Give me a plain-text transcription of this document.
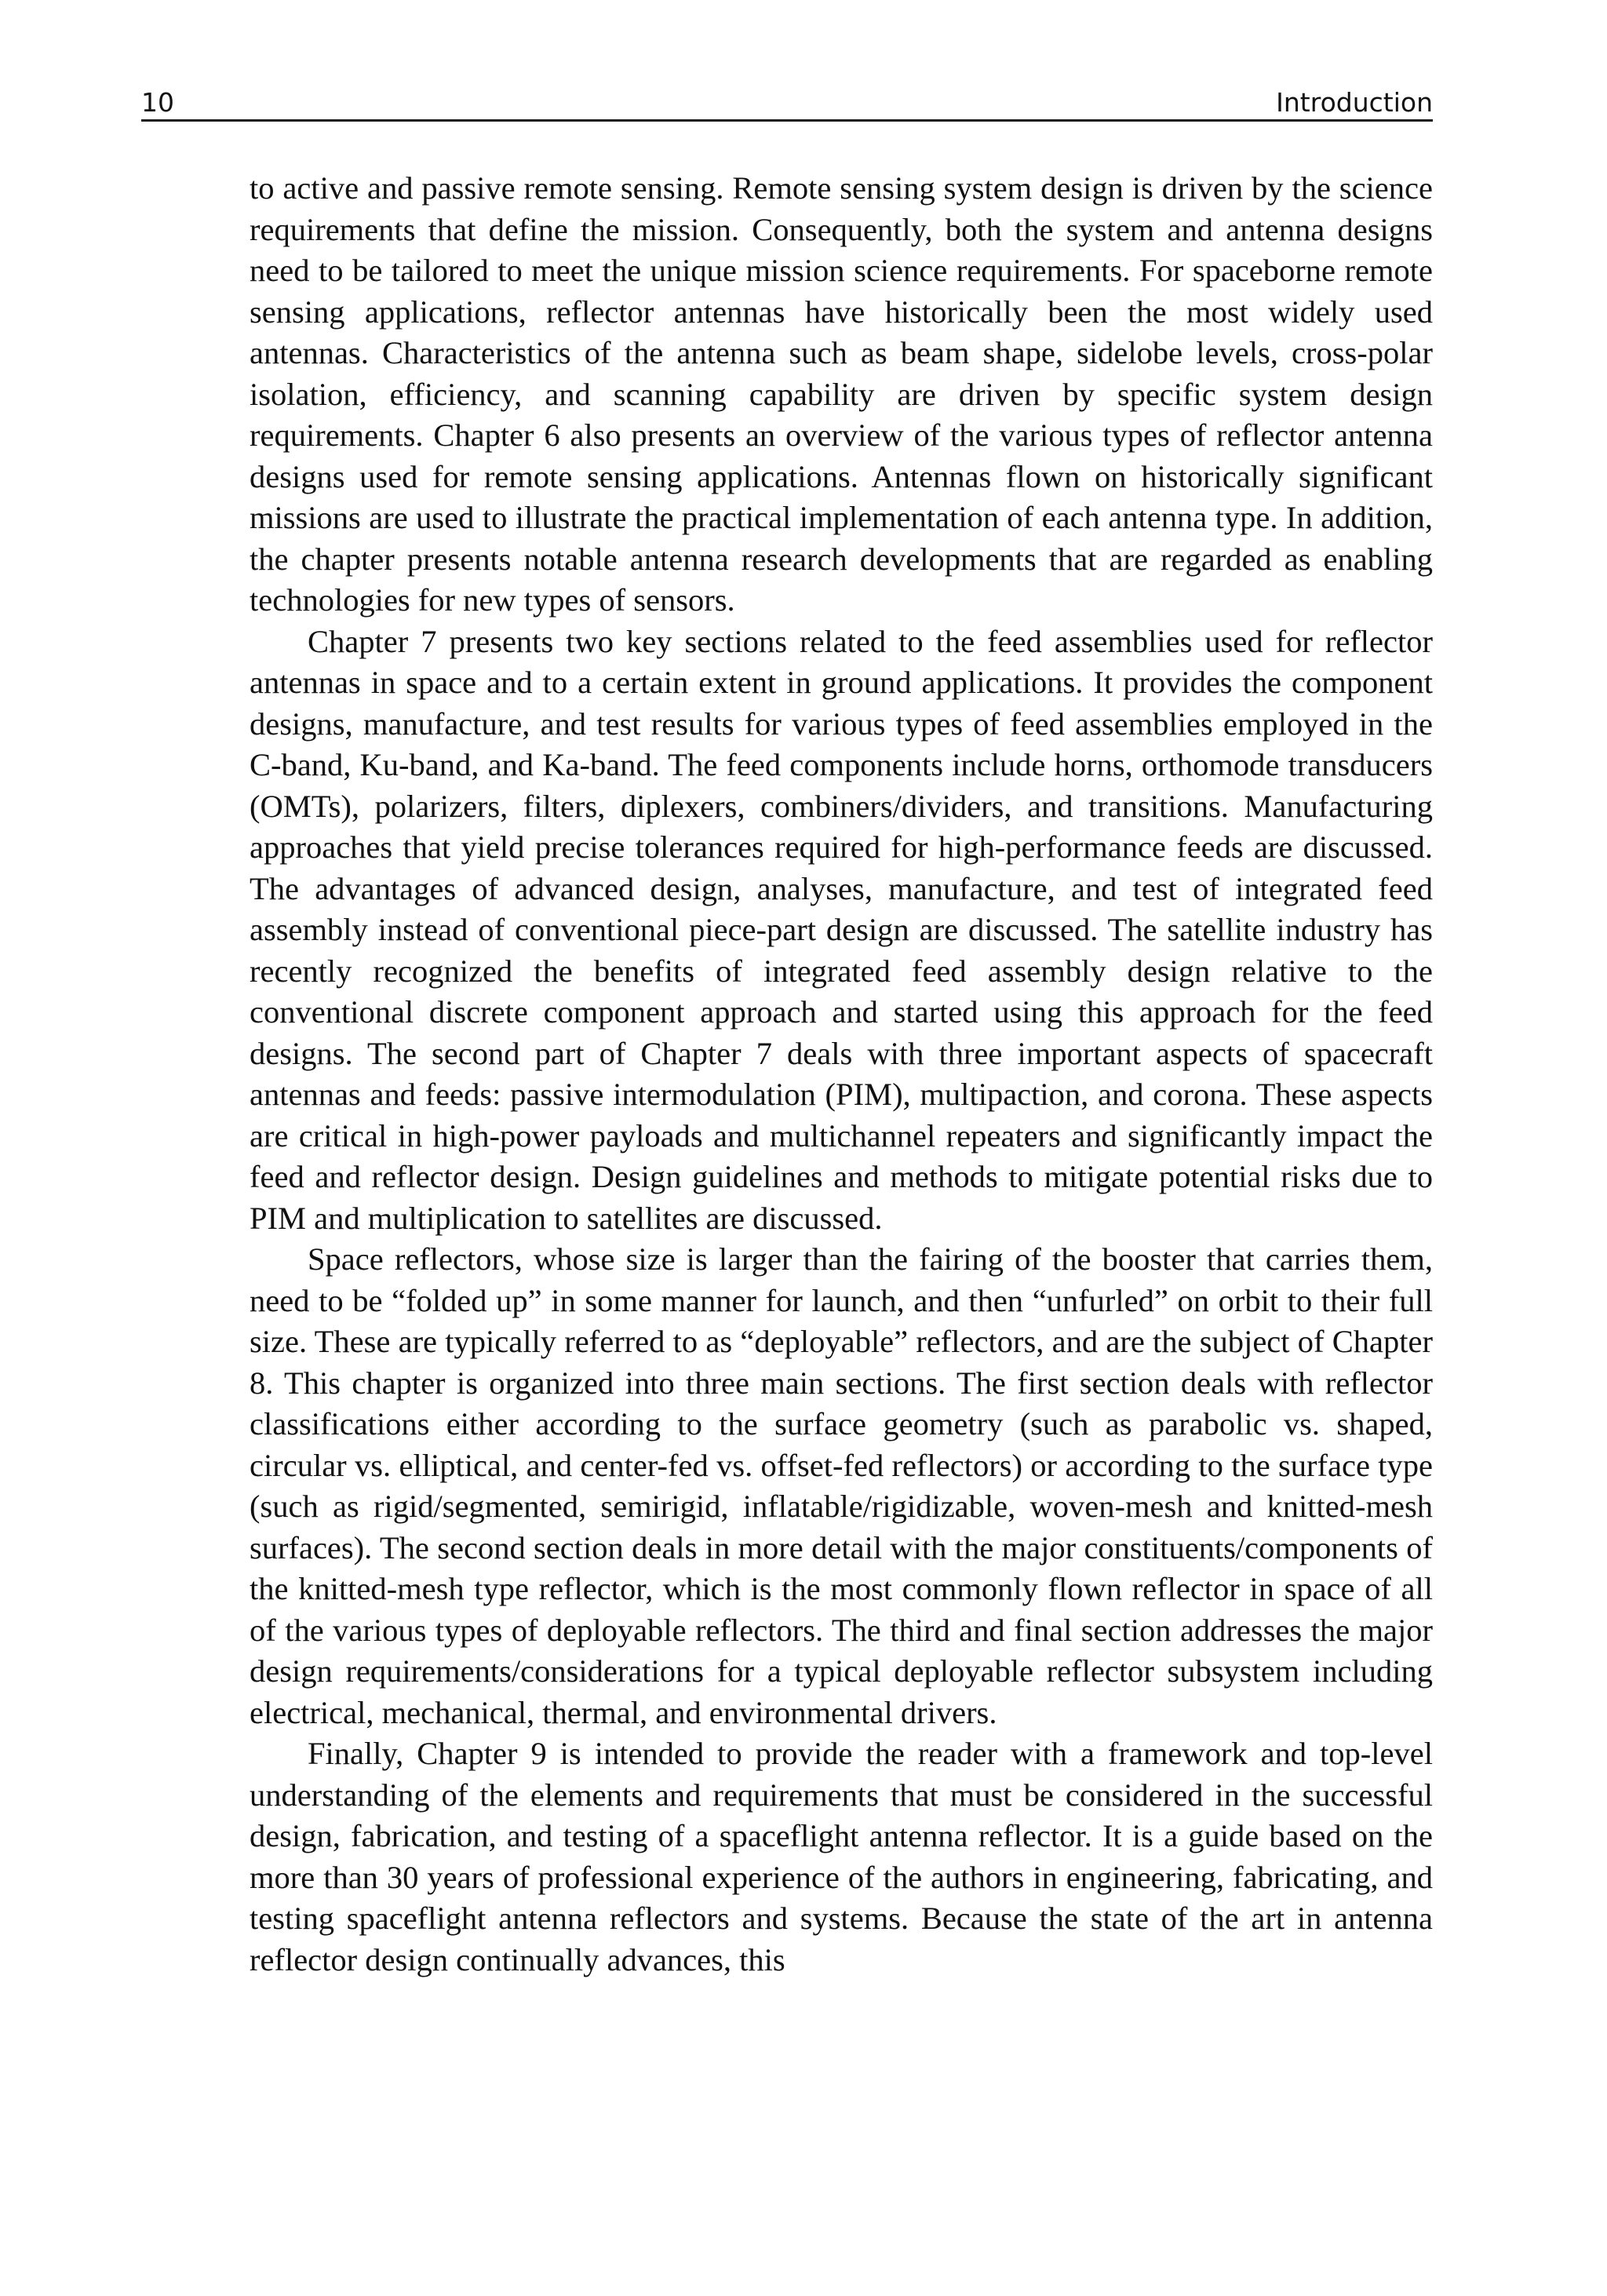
10	Introduction

to active and passive remote sensing. Remote sensing system design is driven by the science requirements that define the mission. Consequently, both the system and antenna designs need to be tailored to meet the unique mission science requirements. For spaceborne remote sensing applications, reflector antennas have historically been the most widely used antennas. Characteristics of the antenna such as beam shape, sidelobe levels, cross-polar isolation, efficiency, and scanning capability are driven by specific system design requirements. Chapter 6 also presents an overview of the various types of reflector antenna designs used for remote sensing applications. Antennas flown on historically significant missions are used to illustrate the practical implementation of each antenna type. In addition, the chapter presents notable antenna research developments that are regarded as enabling technologies for new types of sensors.

Chapter 7 presents two key sections related to the feed assemblies used for reflector antennas in space and to a certain extent in ground applications. It provides the component designs, manufacture, and test results for various types of feed assemblies employed in the C-band, Ku-band, and Ka-band. The feed components include horns, orthomode transducers (OMTs), polarizers, filters, diplexers, combiners/dividers, and transitions. Manufacturing approaches that yield precise tolerances required for high-performance feeds are discussed. The advantages of advanced design, analyses, manufacture, and test of integrated feed assembly instead of conventional piece-part design are discussed. The satellite industry has recently recognized the benefits of integrated feed assembly design relative to the conventional discrete component approach and started using this approach for the feed designs. The second part of Chapter 7 deals with three important aspects of spacecraft antennas and feeds: passive intermodulation (PIM), multipaction, and corona. These aspects are critical in high-power payloads and multichannel repeaters and significantly impact the feed and reflector design. Design guidelines and methods to mitigate potential risks due to PIM and multiplication to satellites are discussed.

Space reflectors, whose size is larger than the fairing of the booster that carries them, need to be “folded up” in some manner for launch, and then “unfurled” on orbit to their full size. These are typically referred to as “deployable” reflectors, and are the subject of Chapter 8. This chapter is organized into three main sections. The first section deals with reflector classifications either according to the surface geometry (such as parabolic vs. shaped, circular vs. elliptical, and center-fed vs. offset-fed reflectors) or according to the surface type (such as rigid/segmented, semirigid, inflatable/rigidizable, woven-mesh and knitted-mesh surfaces). The second section deals in more detail with the major constituents/components of the knitted-mesh type reflector, which is the most commonly flown reflector in space of all of the various types of deployable reflectors. The third and final section addresses the major design requirements/considerations for a typical deployable reflector subsystem including electrical, mechanical, thermal, and environmental drivers.

Finally, Chapter 9 is intended to provide the reader with a framework and top-level understanding of the elements and requirements that must be considered in the successful design, fabrication, and testing of a spaceflight antenna reflector. It is a guide based on the more than 30 years of professional experience of the authors in engineering, fabricating, and testing spaceflight antenna reflectors and systems. Because the state of the art in antenna reflector design continually advances, this
